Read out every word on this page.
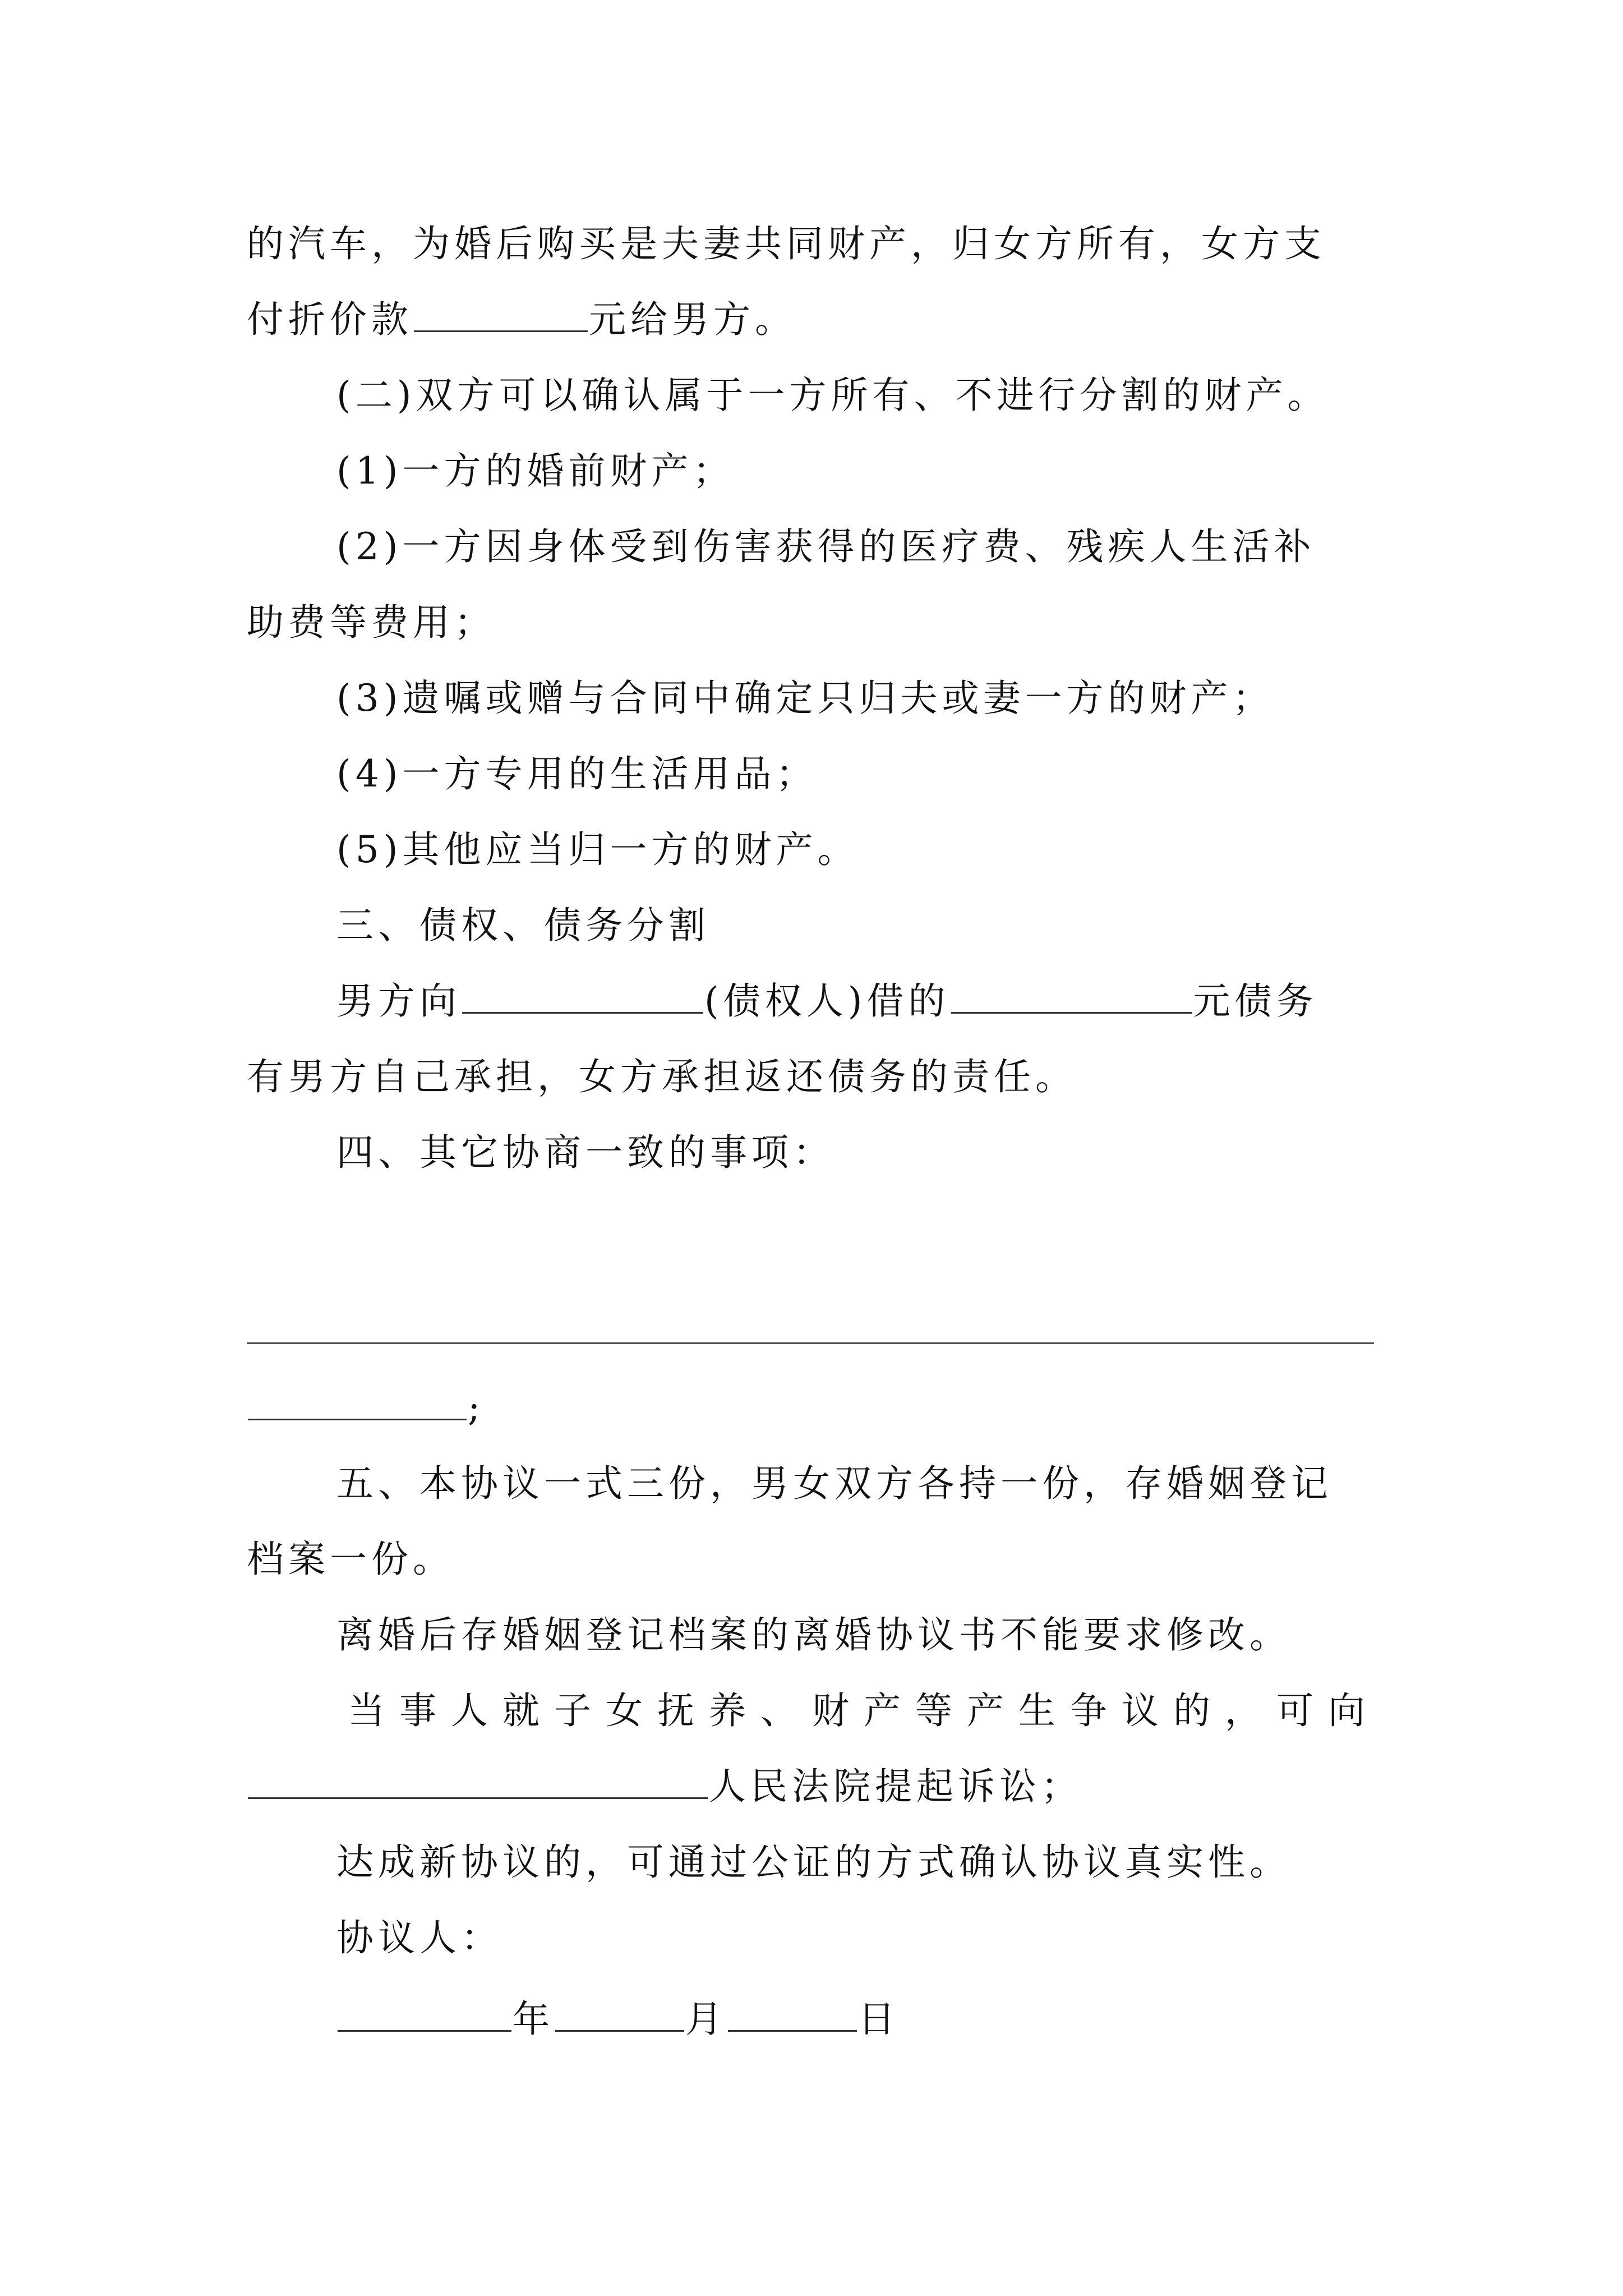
的汽车，为婚后购买是夫妻共同财产，归女方所有，女方支
付折价款	元给男方。
(二)双方可以确认属于一方所有、不进行分割的财产。
(1)一方的婚前财产；
(2)一方因身体受到伤害获得的医疗费、残疾人生活补
助费等费用；
(3)遗嘱或赠与合同中确定只归夫或妻一方的财产；
(4)一方专用的生活用品；
(5)其他应当归一方的财产。
三、债权、债务分割
男方向	(债权人)借的	元债务
有男方自己承担，女方承担返还债务的责任。
四、其它协商一致的事项：
;
五、本协议一式三份，男女双方各持一份，存婚姻登记
档案一份。
离婚后存婚姻登记档案的离婚协议书不能要求修改。
当事人就子女抚养、财产等产生争议的，可向
人民法院提起诉讼；
达成新协议的，可通过公证的方式确认协议真实性。
协议人：
年	月	日
